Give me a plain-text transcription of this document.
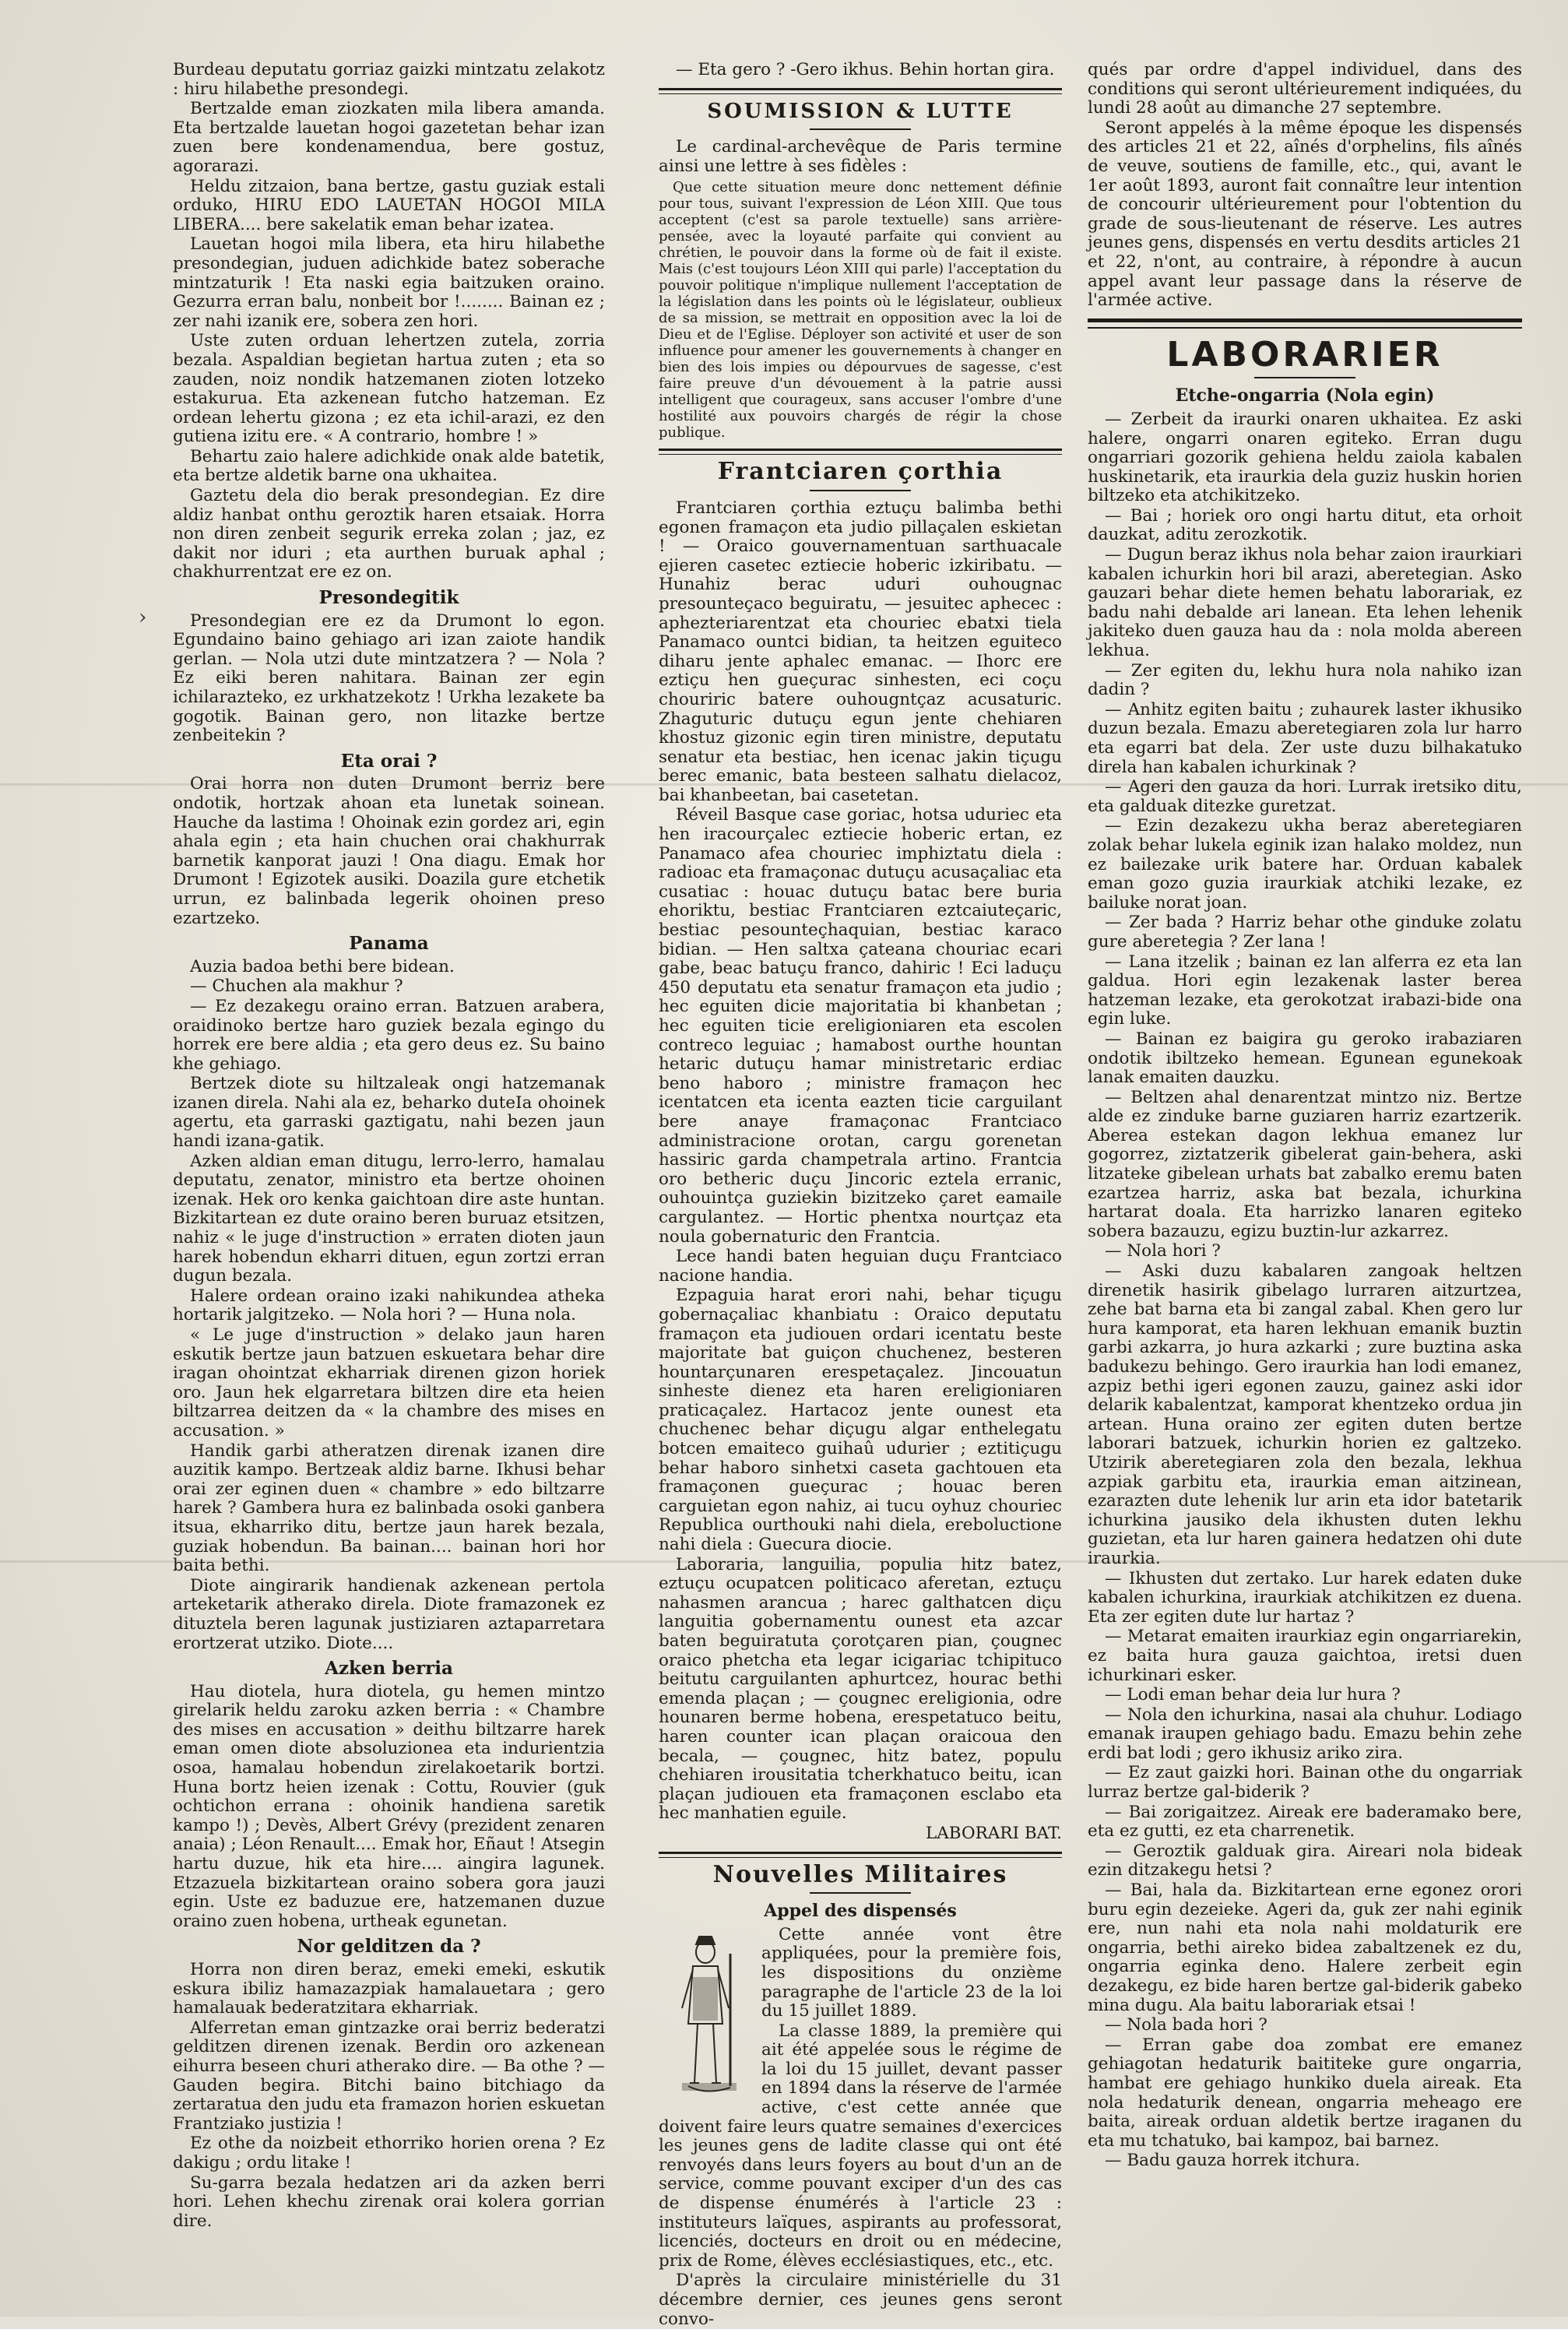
›

Burdeau deputatu gorriaz gaizki mintzatu zelakotz : hiru hilabethe presondegi.

Bertzalde eman ziozkaten mila libera amanda. Eta bertzalde lauetan hogoi gazetetan behar izan zuen bere kondenamendua, bere gostuz, agorarazi.

Heldu zitzaion, bana bertze, gastu guziak estali orduko, HIRU EDO LAUETAN HOGOI MILA LIBERA.... bere sakelatik eman behar izatea.

Lauetan hogoi mila libera, eta hiru hilabethe presondegian, juduen adichkide batez soberache mintzaturik ! Eta naski egia baitzuken oraino. Gezurra erran balu, nonbeit bor !........ Bainan ez ; zer nahi izanik ere, sobera zen hori.

Uste zuten orduan lehertzen zutela, zorria bezala. Aspaldian begietan hartua zuten ; eta so zauden, noiz nondik hatzemanen zioten lotzeko estakurua. Eta azkenean futcho hatzeman. Ez ordean lehertu gizona ; ez eta ichil-arazi, ez den gutiena izitu ere. « A contrario, hombre ! »

Behartu zaio halere adichkide onak alde batetik, eta bertze aldetik barne ona ukhaitea.

Gaztetu dela dio berak presondegian. Ez dire aldiz hanbat onthu geroztik haren etsaiak. Horra non diren zenbeit segurik erreka zolan ; jaz, ez dakit nor iduri ; eta aurthen buruak aphal ; chakhurrentzat ere ez on.

Presondegitik

Presondegian ere ez da Drumont lo egon. Egundaino baino gehiago ari izan zaiote handik gerlan. — Nola utzi dute mintzatzera ? — Nola ? Ez eiki beren nahitara. Bainan zer egin ichilarazteko, ez urkhatzekotz ! Urkha lezakete ba gogotik. Bainan gero, non litazke bertze zenbeitekin ?

Eta orai ?

Orai horra non duten Drumont berriz bere ondotik, hortzak ahoan eta lunetak soinean. Hauche da lastima ! Ohoinak ezin gordez ari, egin ahala egin ; eta hain chuchen orai chakhurrak barnetik kanporat jauzi ! Ona diagu. Emak hor Drumont ! Egizotek ausiki. Doazila gure etchetik urrun, ez balinbada legerik ohoinen preso ezartzeko.

Panama

Auzia badoa bethi bere bidean.

— Chuchen ala makhur ?

— Ez dezakegu oraino erran. Batzuen arabera, oraidinoko bertze haro guziek bezala egingo du horrek ere bere aldia ; eta gero deus ez. Su baino khe gehiago.

Bertzek diote su hiltzaleak ongi hatzemanak izanen direla. Nahi ala ez, beharko duteIa ohoinek agertu, eta garraski gaztigatu, nahi bezen jaun handi izana-gatik.

Azken aldian eman ditugu, lerro-lerro, hamalau deputatu, zenator, ministro eta bertze ohoinen izenak. Hek oro kenka gaichtoan dire aste huntan. Bizkitartean ez dute oraino beren buruaz etsitzen, nahiz « le juge d'instruction » erraten dioten jaun harek hobendun ekharri dituen, egun zortzi erran dugun bezala.

Halere ordean oraino izaki nahikundea atheka hortarik jalgitzeko. — Nola hori ? — Huna nola.

« Le juge d'instruction » delako jaun haren eskutik bertze jaun batzuen eskuetara behar dire iragan ohointzat ekharriak direnen gizon horiek oro. Jaun hek elgarretara biltzen dire eta heien biltzarrea deitzen da « la chambre des mises en accusation. »

Handik garbi atheratzen direnak izanen dire auzitik kampo. Bertzeak aldiz barne. Ikhusi behar orai zer eginen duen « chambre » edo biltzarre harek ? Gambera hura ez balinbada osoki ganbera itsua, ekharriko ditu, bertze jaun harek bezala, guziak hobendun. Ba bainan.... bainan hori hor baita bethi.

Diote aingirarik handienak azkenean pertola arteketarik atherako direla. Diote framazonek ez dituztela beren lagunak justiziaren aztaparretara erortzerat utziko. Diote....

Azken berria

Hau diotela, hura diotela, gu hemen mintzo girelarik heldu zaroku azken berria : « Chambre des mises en accusation » deithu biltzarre harek eman omen diote absoluzionea eta indurientzia osoa, hamalau hobendun zirelakoetarik bortzi. Huna bortz heien izenak : Cottu, Rouvier (guk ochtichon errana : ohoinik handiena saretik kampo !) ; Devès, Albert Grévy (prezident zenaren anaia) ; Léon Renault.... Emak hor, Eñaut ! Atsegin hartu duzue, hik eta hire.... aingira lagunek. Etzazuela bizkitartean oraino sobera gora jauzi egin. Uste ez baduzue ere, hatzemanen duzue oraino zuen hobena, urtheak egunetan.

Nor gelditzen da ?

Horra non diren beraz, emeki emeki, eskutik eskura ibiliz hamazazpiak hamalauetara ; gero hamalauak bederatzitara ekharriak.

Alferretan eman gintzazke orai berriz bederatzi gelditzen direnen izenak. Berdin oro azkenean eihurra beseen churi atherako dire. — Ba othe ? — Gauden begira. Bitchi baino bitchiago da zertaratua den judu eta framazon horien eskuetan Frantziako justizia !

Ez othe da noizbeit ethorriko horien orena ? Ez dakigu ; ordu litake !

Su-garra bezala hedatzen ari da azken berri hori. Lehen khechu zirenak orai kolera gorrian dire.

— Eta gero ? -Gero ikhus. Behin hortan gira.

SOUMISSION & LUTTE

Le cardinal-archevêque de Paris termine ainsi une lettre à ses fidèles :

Que cette situation meure donc nettement définie pour tous, suivant l'expression de Léon XIII. Que tous acceptent (c'est sa parole textuelle) sans arrière-pensée, avec la loyauté parfaite qui convient au chrétien, le pouvoir dans la forme où de fait il existe. Mais (c'est toujours Léon XIII qui parle) l'acceptation du pouvoir politique n'implique nullement l'acceptation de la législation dans les points où le législateur, oublieux de sa mission, se mettrait en opposition avec la loi de Dieu et de l'Eglise. Déployer son activité et user de son influence pour amener les gouvernements à changer en bien des lois impies ou dépourvues de sagesse, c'est faire preuve d'un dévouement à la patrie aussi intelligent que courageux, sans accuser l'ombre d'une hostilité aux pouvoirs chargés de régir la chose publique.

Frantciaren çorthia

Frantciaren çorthia eztuçu balimba bethi egonen framaçon eta judio pillaçalen eskietan ! — Oraico gouvernamentuan sarthuacale ejieren casetec eztiecie hoberic izkiribatu. — Hunahiz berac uduri ouhougnac presounteçaco beguiratu, — jesuitec aphecec : aphezteriarentzat eta chouriec ebatxi tiela Panamaco ountci bidian, ta heitzen eguiteco diharu jente aphalec emanac. — Ihorc ere eztiçu hen gueçurac sinhesten, eci coçu chouriric batere ouhougntçaz acusaturic. Zhaguturic dutuçu egun jente chehiaren khostuz gizonic egin tiren ministre, deputatu senatur eta bestiac, hen icenac jakin tiçugu berec emanic, bata besteen salhatu dielacoz, bai khanbeetan, bai casetetan.

Réveil Basque case goriac, hotsa uduriec eta hen iracourçalec eztiecie hoberic ertan, ez Panamaco afea chouriec imphiztatu diela : radioac eta framaçonac dutuçu acusaçaliac eta cusatiac : houac dutuçu batac bere buria ehoriktu, bestiac Frantciaren eztcaiuteçaric, bestiac pesounteçhaquian, bestiac karaco bidian. — Hen saltxa çateana chouriac ecari gabe, beac batuçu franco, dahiric ! Eci laduçu 450 deputatu eta senatur framaçon eta judio ; hec eguiten dicie majoritatia bi khanbetan ; hec eguiten ticie ereligioniaren eta escolen contreco leguiac ; hamabost ourthe hountan hetaric dutuçu hamar ministretaric erdiac beno haboro ; ministre framaçon hec icentatcen eta icenta eazten ticie carguilant bere anaye framaçonac Frantciaco administracione orotan, cargu gorenetan hassiric garda champetrala artino. Frantcia oro betheric duçu Jincoric eztela erranic, ouhouintça guziekin bizitzeko çaret eamaile cargulantez. — Hortic phentxa nourtçaz eta noula gobernaturic den Frantcia.

Lece handi baten heguian duçu Frantciaco nacione handia.

Ezpaguia harat erori nahi, behar tiçugu gobernaçaliac khanbiatu : Oraico deputatu framaçon eta judiouen ordari icentatu beste majoritate bat guiçon chuchenez, besteren hountarçunaren erespetaçalez. Jincouatun sinheste dienez eta haren ereligioniaren praticaçalez. Hartacoz jente ounest eta chuchenec behar diçugu algar enthelegatu botcen emaiteco guihaû udurier ; eztitiçugu behar haboro sinhetxi caseta gachtouen eta framaçonen gueçurac ; houac beren carguietan egon nahiz, ai tucu oyhuz chouriec Republica ourthouki nahi diela, ereboluctione nahi diela : Guecura diocie.

Laboraria, languilia, populia hitz batez, eztuçu ocupatcen politicaco aferetan, eztuçu nahasmen arancua ; harec galthatcen diçu languitia gobernamentu ounest eta azcar baten beguiratuta çorotçaren pian, çougnec oraico phetcha eta legar icigariac tchipituco beitutu carguilanten aphurtcez, hourac bethi emenda plaçan ; — çougnec ereligionia, odre hounaren berme hobena, erespetatuco beitu, haren counter ican plaçan oraicoua den becala, — çougnec, hitz batez, populu chehiaren irousitatia tcherkhatuco beitu, ican plaçan judiouen eta framaçonen esclabo eta hec manhatien eguile.

LABORARI BAT.

Nouvelles Militaires
Appel des dispensés

Cette année vont être appliquées, pour la première fois, les dispositions du onzième paragraphe de l'article 23 de la loi du 15 juillet 1889.

La classe 1889, la première qui ait été appelée sous le régime de la loi du 15 juillet, devant passer en 1894 dans la réserve de l'armée active, c'est cette année que doivent faire leurs quatre semaines d'exercices les jeunes gens de ladite classe qui ont été renvoyés dans leurs foyers au bout d'un an de service, comme pouvant exciper d'un des cas de dispense énumérés à l'article 23 : instituteurs laïques, aspirants au professorat, licenciés, docteurs en droit ou en médecine, prix de Rome, élèves ecclésiastiques, etc., etc.

D'après la circulaire ministérielle du 31 décembre dernier, ces jeunes gens seront convo-

qués par ordre d'appel individuel, dans des conditions qui seront ultérieurement indiquées, du lundi 28 août au dimanche 27 septembre.

Seront appelés à la même époque les dispensés des articles 21 et 22, aînés d'orphelins, fils aînés de veuve, soutiens de famille, etc., qui, avant le 1er août 1893, auront fait connaître leur intention de concourir ultérieurement pour l'obtention du grade de sous-lieutenant de réserve. Les autres jeunes gens, dispensés en vertu desdits articles 21 et 22, n'ont, au contraire, à répondre à aucun appel avant leur passage dans la réserve de l'armée active.

LABORARIER
Etche-ongarria (Nola egin)

— Zerbeit da iraurki onaren ukhaitea. Ez aski halere, ongarri onaren egiteko. Erran dugu ongarriari gozorik gehiena heldu zaiola kabalen huskinetarik, eta iraurkia dela guziz huskin horien biltzeko eta atchikitzeko.

— Bai ; horiek oro ongi hartu ditut, eta orhoit dauzkat, aditu zerozkotik.

— Dugun beraz ikhus nola behar zaion iraurkiari kabalen ichurkin hori bil arazi, aberetegian. Asko gauzari behar diete hemen behatu laborariak, ez badu nahi debalde ari lanean. Eta lehen lehenik jakiteko duen gauza hau da : nola molda abereen lekhua.

— Zer egiten du, lekhu hura nola nahiko izan dadin ?

— Anhitz egiten baitu ; zuhaurek laster ikhusiko duzun bezala. Emazu aberetegiaren zola lur harro eta egarri bat dela. Zer uste duzu bilhakatuko direla han kabalen ichurkinak ?

— Ageri den gauza da hori. Lurrak iretsiko ditu, eta galduak ditezke guretzat.

— Ezin dezakezu ukha beraz aberetegiaren zolak behar lukela eginik izan halako moldez, nun ez bailezake urik batere har. Orduan kabalek eman gozo guzia iraurkiak atchiki lezake, ez bailuke norat joan.

— Zer bada ? Harriz behar othe ginduke zolatu gure aberetegia ? Zer lana !

— Lana itzelik ; bainan ez lan alferra ez eta lan galdua. Hori egin lezakenak laster berea hatzeman lezake, eta gerokotzat irabazi-bide ona egin luke.

— Bainan ez baigira gu geroko irabaziaren ondotik ibiltzeko hemean. Egunean egunekoak lanak emaiten dauzku.

— Beltzen ahal denarentzat mintzo niz. Bertze alde ez zinduke barne guziaren harriz ezartzerik. Aberea estekan dagon lekhua emanez lur gogorrez, ziztatzerik gibelerat gain-behera, aski litzateke gibelean urhats bat zabalko eremu baten ezartzea harriz, aska bat bezala, ichurkina hartarat doala. Eta harrizko lanaren egiteko sobera bazauzu, egizu buztin-lur azkarrez.

— Nola hori ?

— Aski duzu kabalaren zangoak heltzen direnetik hasirik gibelago lurraren aitzurtzea, zehe bat barna eta bi zangal zabal. Khen gero lur hura kamporat, eta haren lekhuan emanik buztin garbi azkarra, jo hura azkarki ; zure buztina aska badukezu behingo. Gero iraurkia han lodi emanez, azpiz bethi igeri egonen zauzu, gainez aski idor delarik kabalentzat, kamporat khentzeko ordua jin artean. Huna oraino zer egiten duten bertze laborari batzuek, ichurkin horien ez galtzeko. Utzirik aberetegiaren zola den bezala, lekhua azpiak garbitu eta, iraurkia eman aitzinean, ezarazten dute lehenik lur arin eta idor batetarik ichurkina jausiko dela ikhusten duten lekhu guzietan, eta lur haren gainera hedatzen ohi dute iraurkia.

— Ikhusten dut zertako. Lur harek edaten duke kabalen ichurkina, iraurkiak atchikitzen ez duena. Eta zer egiten dute lur hartaz ?

— Metarat emaiten iraurkiaz egin ongarriarekin, ez baita hura gauza gaichtoa, iretsi duen ichurkinari esker.

— Lodi eman behar deia lur hura ?

— Nola den ichurkina, nasai ala chuhur. Lodiago emanak iraupen gehiago badu. Emazu behin zehe erdi bat lodi ; gero ikhusiz ariko zira.

— Ez zaut gaizki hori. Bainan othe du ongarriak lurraz bertze gal-biderik ?

— Bai zorigaitzez. Aireak ere baderamako bere, eta ez gutti, ez eta charrenetik.

— Geroztik galduak gira. Aireari nola bideak ezin ditzakegu hetsi ?

— Bai, hala da. Bizkitartean erne egonez orori buru egin dezeieke. Ageri da, guk zer nahi eginik ere, nun nahi eta nola nahi moldaturik ere ongarria, bethi aireko bidea zabaltzenek ez du, ongarria eginka deno. Halere zerbeit egin dezakegu, ez bide haren bertze gal-biderik gabeko mina dugu. Ala baitu laborariak etsai !

— Nola bada hori ?

— Erran gabe doa zombat ere emanez gehiagotan hedaturik baititeke gure ongarria, hambat ere gehiago hunkiko duela aireak. Eta nola hedaturik denean, ongarria meheago ere baita, aireak orduan aldetik bertze iraganen du eta mu tchatuko, bai kampoz, bai barnez.

— Badu gauza horrek itchura.
